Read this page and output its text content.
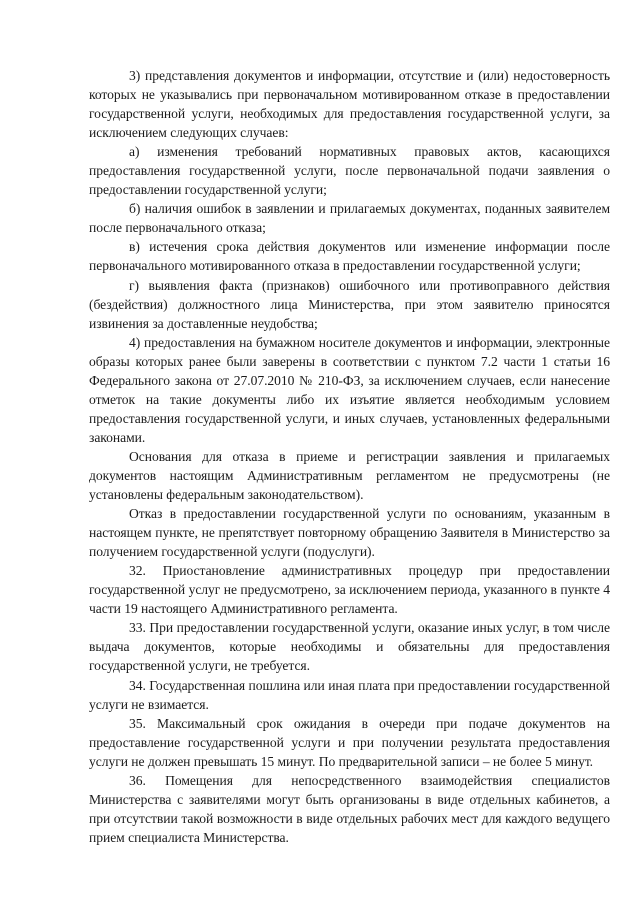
3) представления документов и информации, отсутствие и (или) недостоверность которых не указывались при первоначальном мотивированном отказе в предоставлении государственной услуги, необходимых для предоставления государственной услуги, за исключением следующих случаев:

а) изменения требований нормативных правовых актов, касающихся предоставления государственной услуги, после первоначальной подачи заявления о предоставлении государственной услуги;

б) наличия ошибок в заявлении и прилагаемых документах, поданных заявителем после первоначального отказа;

в) истечения срока действия документов или изменение информации после первоначального мотивированного отказа в предоставлении государственной услуги;

г) выявления факта (признаков) ошибочного или противоправного действия (бездействия) должностного лица Министерства, при этом заявителю приносятся извинения за доставленные неудобства;

4) предоставления на бумажном носителе документов и информации, электронные образы которых ранее были заверены в соответствии с пунктом 7.2 части 1 статьи 16 Федерального закона от 27.07.2010 № 210-ФЗ, за исключением случаев, если нанесение отметок на такие документы либо их изъятие является необходимым условием предоставления государственной услуги, и иных случаев, установленных федеральными законами.

Основания для отказа в приеме и регистрации заявления и прилагаемых документов настоящим Административным регламентом не предусмотрены (не установлены федеральным законодательством).

Отказ в предоставлении государственной услуги по основаниям, указанным в настоящем пункте, не препятствует повторному обращению Заявителя в Министерство за получением государственной услуги (подуслуги).

32. Приостановление административных процедур при предоставлении государственной услуг не предусмотрено, за исключением периода, указанного в пункте 4 части 19 настоящего Административного регламента.

33. При предоставлении государственной услуги, оказание иных услуг, в том числе выдача документов, которые необходимы и обязательны для предоставления государственной услуги, не требуется.

34. Государственная пошлина или иная плата при предоставлении государственной услуги не взимается.

35. Максимальный срок ожидания в очереди при подаче документов на предоставление государственной услуги и при получении результата предоставления услуги не должен превышать 15 минут. По предварительной записи – не более 5 минут.

36. Помещения для непосредственного взаимодействия специалистов Министерства с заявителями могут быть организованы в виде отдельных кабинетов, а при отсутствии такой возможности в виде отдельных рабочих мест для каждого ведущего прием специалиста Министерства.
